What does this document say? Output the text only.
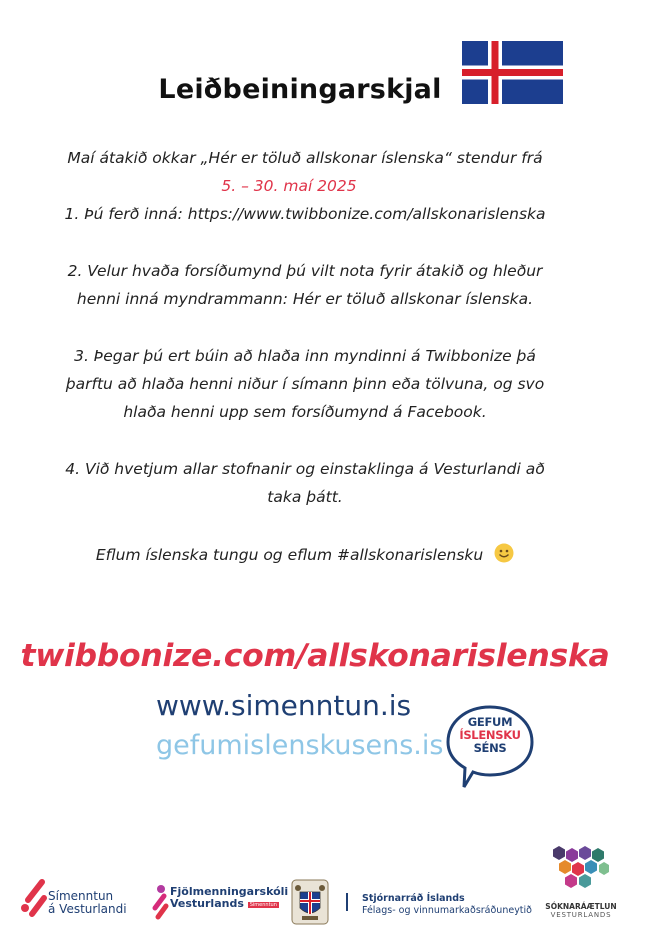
Leiðbeiningarskjal
Maí átakið okkar „Hér er töluð allskonar íslenska“ stendur frá
5. – 30. maí 2025
1. Þú ferð inná: https://www.twibbonize.com/allskonarislenska
2. Velur hvaða forsíðumynd þú vilt nota fyrir átakið og hleður
henni inná myndrammann: Hér er töluð allskonar íslenska.
3. Þegar þú ert búin að hlaða inn myndinni á Twibbonize þá
þarftu að hlaða henni niður í símann þinn eða tölvuna, og svo
hlaða henni upp sem forsíðumynd á Facebook.
4. Við hvetjum allar stofnanir og einstaklinga á Vesturlandi að
taka þátt.
Eflum íslenska tungu og eflum #allskonarislensku
twibbonize.com/allskonarislenska
www.simenntun.is
gefumislenskusens.is
GEFUM
ÍSLENSKU
SÉNS
Símenntun
á Vesturlandi
Fjölmenningarskóli
Vesturlands Símenntun
Stjórnarráð Íslands
Félags- og vinnumarkaðsráðuneytið	SÓKNARÁÆTLUN
VESTURLANDS
